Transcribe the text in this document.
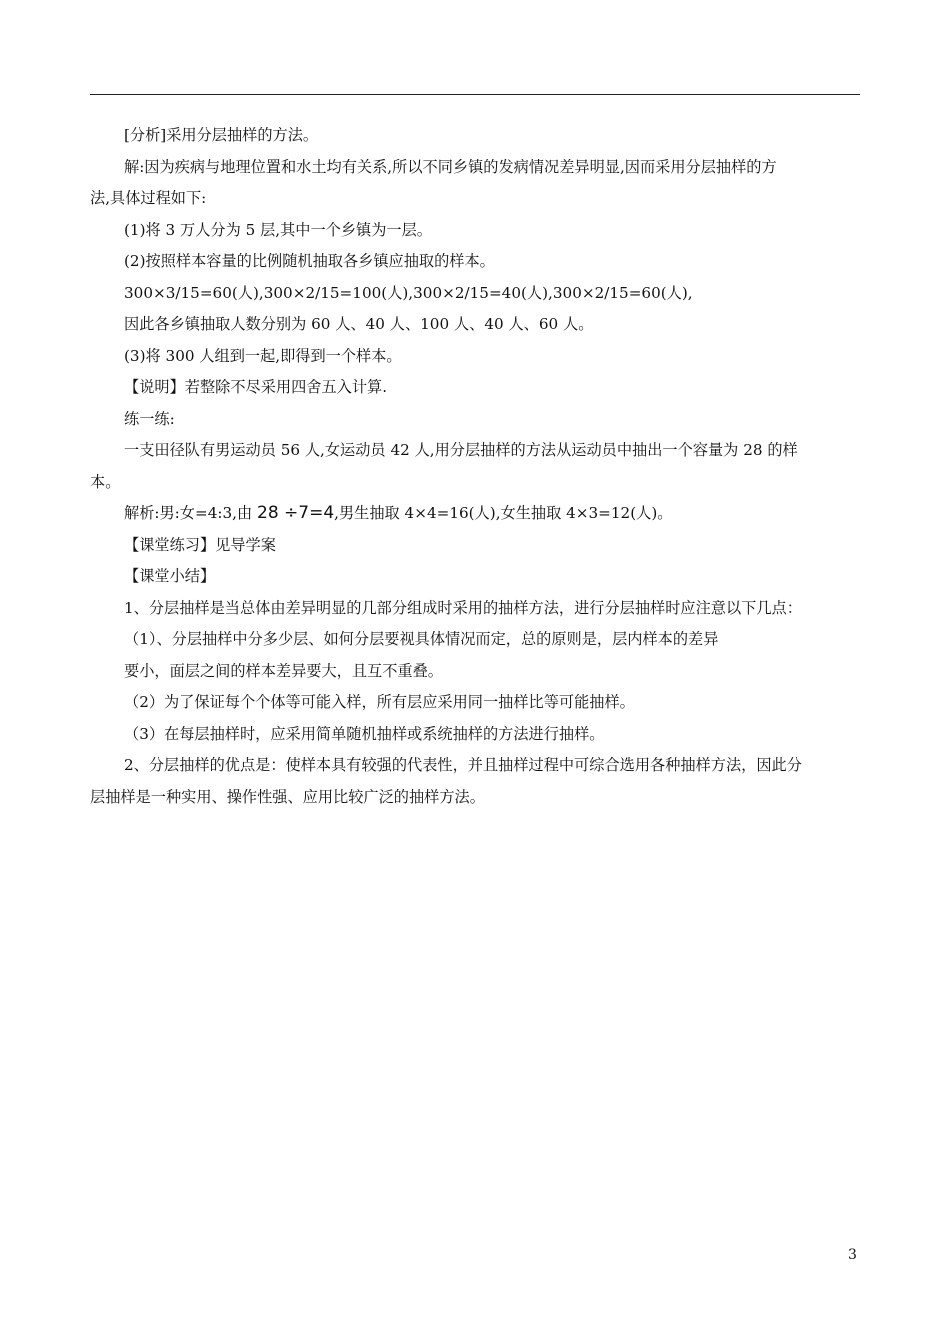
[分析]采用分层抽样的方法。
解:因为疾病与地理位置和水土均有关系,所以不同乡镇的发病情况差异明显,因而采用分层抽样的方
法,具体过程如下:
(1)将 3 万人分为 5 层,其中一个乡镇为一层。
(2)按照样本容量的比例随机抽取各乡镇应抽取的样本。
300×3/15=60(人),300×2/15=100(人),300×2/15=40(人),300×2/15=60(人),
因此各乡镇抽取人数分别为 60 人、40 人、100 人、40 人、60 人。
(3)将 300 人组到一起,即得到一个样本。
【说明】若整除不尽采用四舍五入计算.
练一练:
一支田径队有男运动员 56 人,女运动员 42 人,用分层抽样的方法从运动员中抽出一个容量为 28 的样
本。
解析:男:女=4:3,由 28 ÷7=4,男生抽取 4×4=16(人),女生抽取 4×3=12(人)。
【课堂练习】见导学案
【课堂小结】
1、分层抽样是当总体由差异明显的几部分组成时采用的抽样方法，进行分层抽样时应注意以下几点：
（1）、分层抽样中分多少层、如何分层要视具体情况而定，总的原则是，层内样本的差异
要小，面层之间的样本差异要大，且互不重叠。
（2）为了保证每个个体等可能入样，所有层应采用同一抽样比等可能抽样。
（3）在每层抽样时，应采用简单随机抽样或系统抽样的方法进行抽样。
2、分层抽样的优点是：使样本具有较强的代表性，并且抽样过程中可综合选用各种抽样方法，因此分
层抽样是一种实用、操作性强、应用比较广泛的抽样方法。
3
